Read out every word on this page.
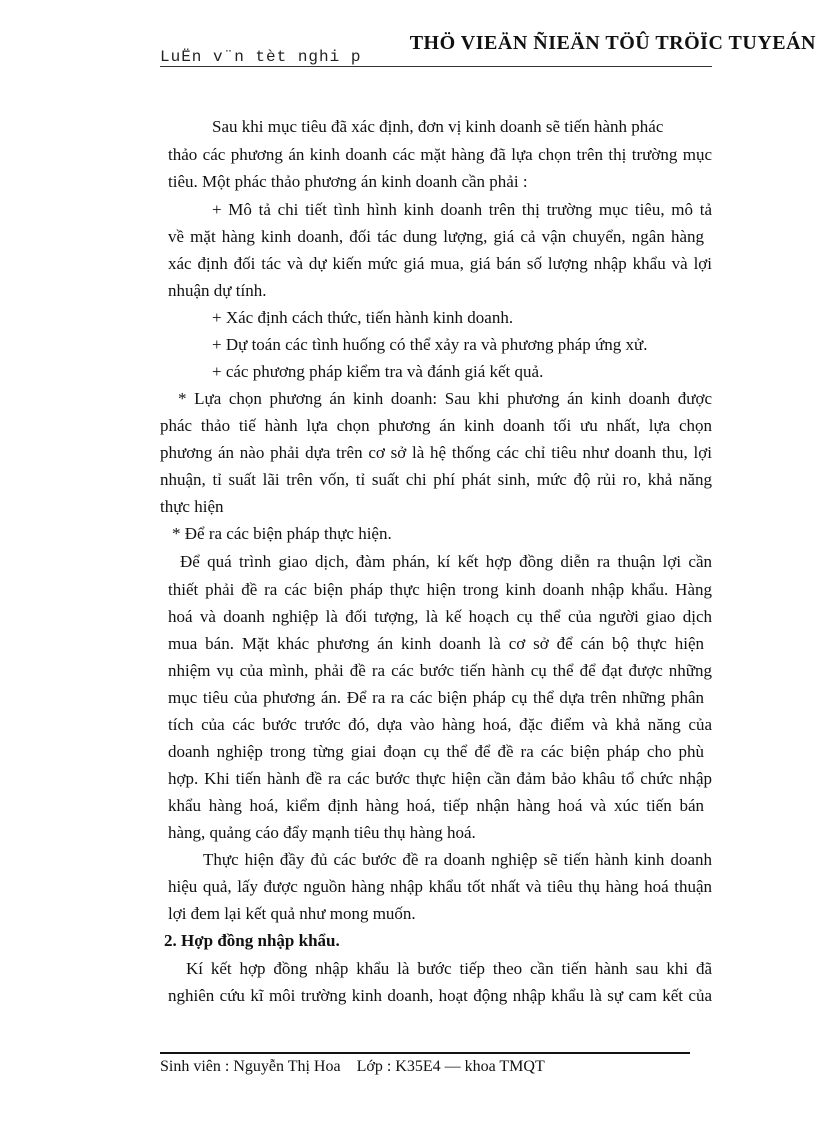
LuËn v¨n tèt nghi p
THÖ VIEÄN ÑIEÄN TÖÛ TRÖÏC TUYEÁN
Sau khi mục tiêu đã xác định, đơn vị kinh doanh sẽ tiến hành phác
thảo các phương án kinh doanh các mặt hàng đã lựa chọn trên thị trường mục
tiêu. Một phác thảo phương án kinh doanh cần phải :
+ Mô tả chi tiết tình hình kinh doanh trên thị trường mục tiêu, mô tả
về mặt hàng kinh doanh, đối tác dung lượng, giá cả vận chuyển, ngân hàng
xác định đối tác và dự kiến mức giá mua, giá bán số lượng nhập khẩu và lợi
nhuận dự tính.
+ Xác định cách thức, tiến hành kinh doanh.
+ Dự toán các tình huống có thể xảy ra và phương pháp ứng xử.
+ các phương pháp kiểm tra và đánh giá kết quả.
* Lựa chọn phương án kinh doanh: Sau khi phương án kinh doanh được
phác thảo tiế hành lựa chọn phương án kinh doanh tối ưu nhất, lựa chọn
phương án nào phải dựa trên cơ sở là hệ thống các chỉ tiêu như doanh thu, lợi
nhuận, tỉ suất lãi trên vốn, tỉ suất chi phí phát sinh, mức độ rủi ro, khả năng
thực hiện
* Để ra các biện pháp thực hiện.
Để quá trình giao dịch, đàm phán, kí kết hợp đồng diễn ra thuận lợi cần
thiết phải đề ra các biện pháp thực hiện trong kinh doanh nhập khẩu. Hàng
hoá và doanh nghiệp là đối tượng, là kế hoạch cụ thể của người giao dịch
mua bán. Mặt khác phương án kinh doanh là cơ sở để cán bộ thực hiện
nhiệm vụ của mình, phải đề ra các bước tiến hành cụ thể để đạt được những
mục tiêu của phương án. Để ra ra các biện pháp cụ thể dựa trên những phân
tích của các bước trước đó, dựa vào hàng hoá, đặc điểm và khả năng của
doanh nghiệp trong từng giai đoạn cụ thể để đề ra các biện pháp cho phù
hợp. Khi tiến hành đề ra các bước thực hiện cần đảm bảo khâu tổ chức nhập
khẩu hàng hoá, kiểm định hàng hoá, tiếp nhận hàng hoá và xúc tiến bán
hàng, quảng cáo đẩy mạnh tiêu thụ hàng hoá.
Thực hiện đầy đủ các bước đề ra doanh nghiệp sẽ tiến hành kinh doanh
hiệu quả, lấy được nguồn hàng nhập khẩu tốt nhất và tiêu thụ hàng hoá thuận
lợi đem lại kết quả như mong muốn.
2. Hợp đồng nhập khẩu.
Kí kết hợp đồng nhập khẩu là bước tiếp theo cần tiến hành sau khi đã
nghiên cứu kĩ môi trường kinh doanh, hoạt động nhập khẩu là sự cam kết của
Sinh viên : Nguyễn Thị Hoa Lớp : K35E4 — khoa TMQT
